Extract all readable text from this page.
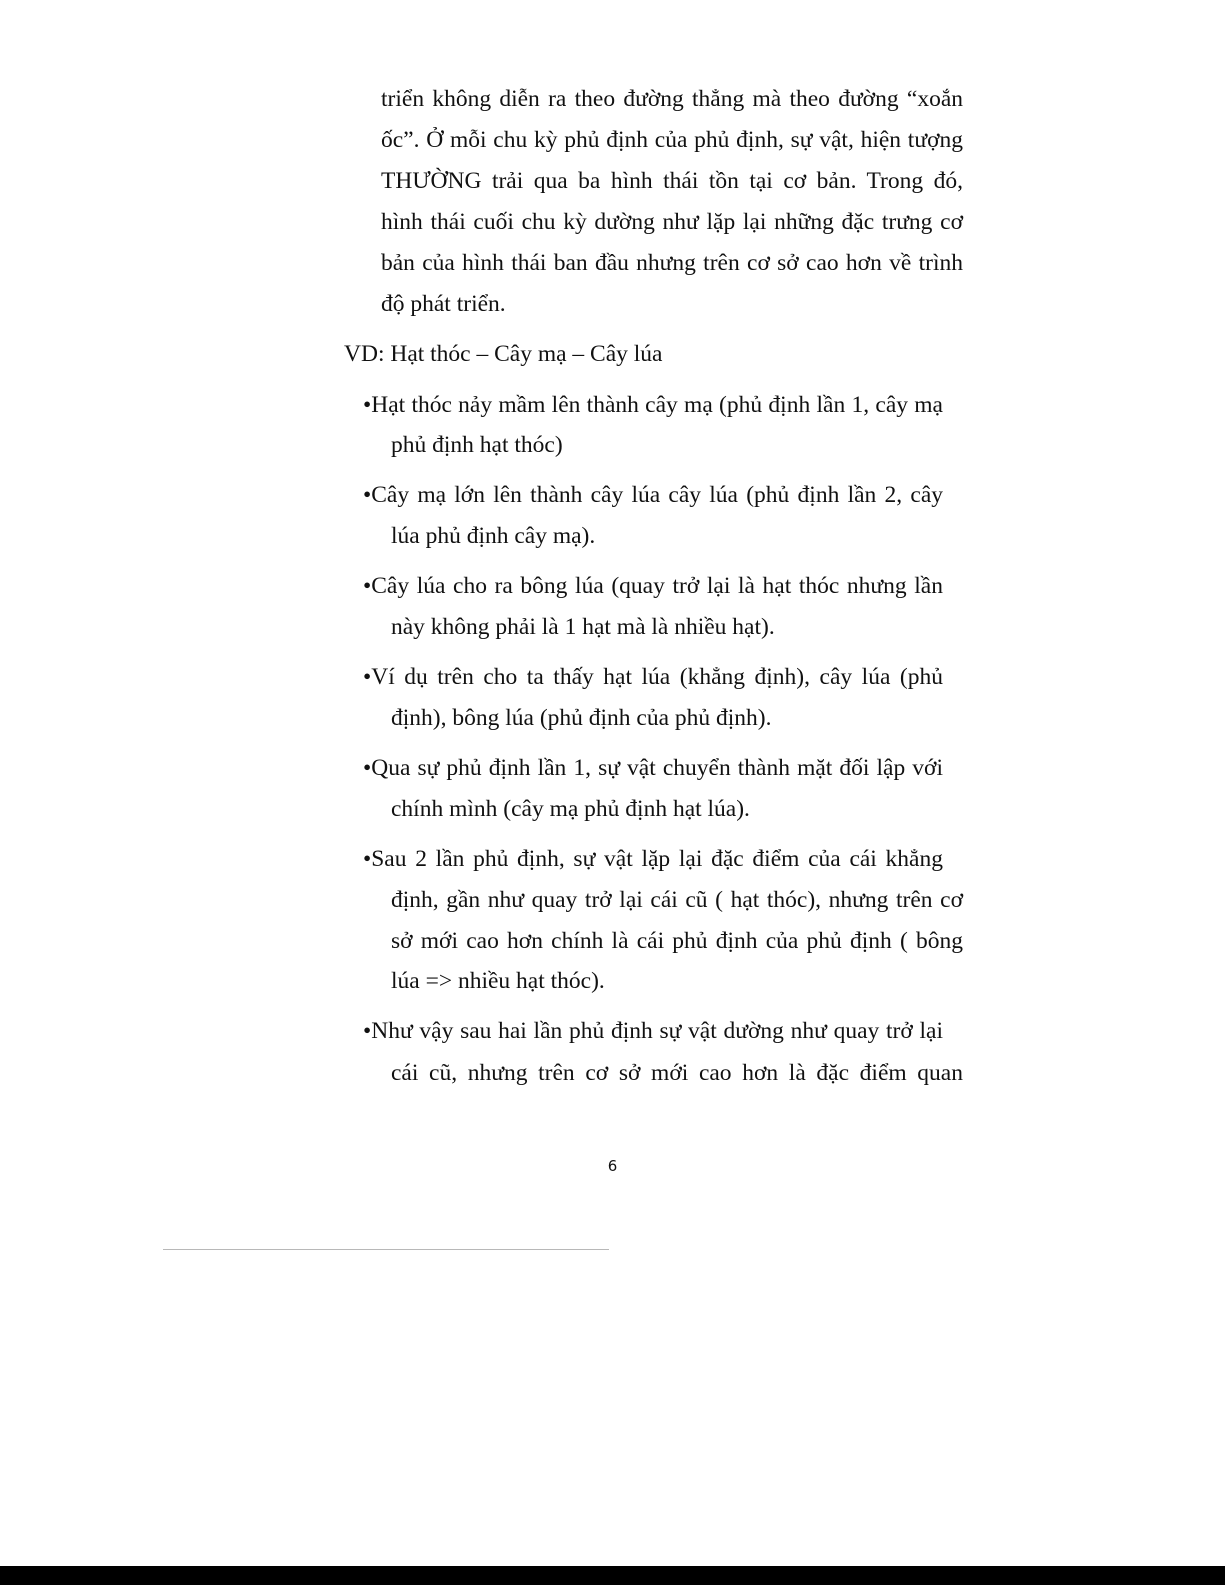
triển không diễn ra theo đường thẳng mà theo đường “xoắn

ốc”. Ở mỗi chu kỳ phủ định của phủ định, sự vật, hiện tượng

THƯỜNG trải qua ba hình thái tồn tại cơ bản. Trong đó,

hình thái cuối chu kỳ dường như lặp lại những đặc trưng cơ

bản của hình thái ban đầu nhưng trên cơ sở cao hơn về trình

độ phát triển.

VD: Hạt thóc – Cây mạ – Cây lúa

•Hạt thóc nảy mầm lên thành cây mạ (phủ định lần 1, cây mạ

phủ định hạt thóc)

•Cây mạ lớn lên thành cây lúa cây lúa (phủ định lần 2, cây

lúa phủ định cây mạ).

•Cây lúa cho ra bông lúa (quay trở lại là hạt thóc nhưng lần

này không phải là 1 hạt mà là nhiều hạt).

•Ví dụ trên cho ta thấy hạt lúa (khẳng định), cây lúa (phủ

định), bông lúa (phủ định của phủ định).

•Qua sự phủ định lần 1, sự vật chuyển thành mặt đối lập với

chính mình (cây mạ phủ định hạt lúa).

•Sau 2 lần phủ định, sự vật lặp lại đặc điểm của cái khẳng

định, gần như quay trở lại cái cũ ( hạt thóc), nhưng trên cơ

sở mới cao hơn chính là cái phủ định của phủ định ( bông

lúa => nhiều hạt thóc).

•Như vậy sau hai lần phủ định sự vật dường như quay trở lại

cái cũ, nhưng trên cơ sở mới cao hơn là đặc điểm quan

6
